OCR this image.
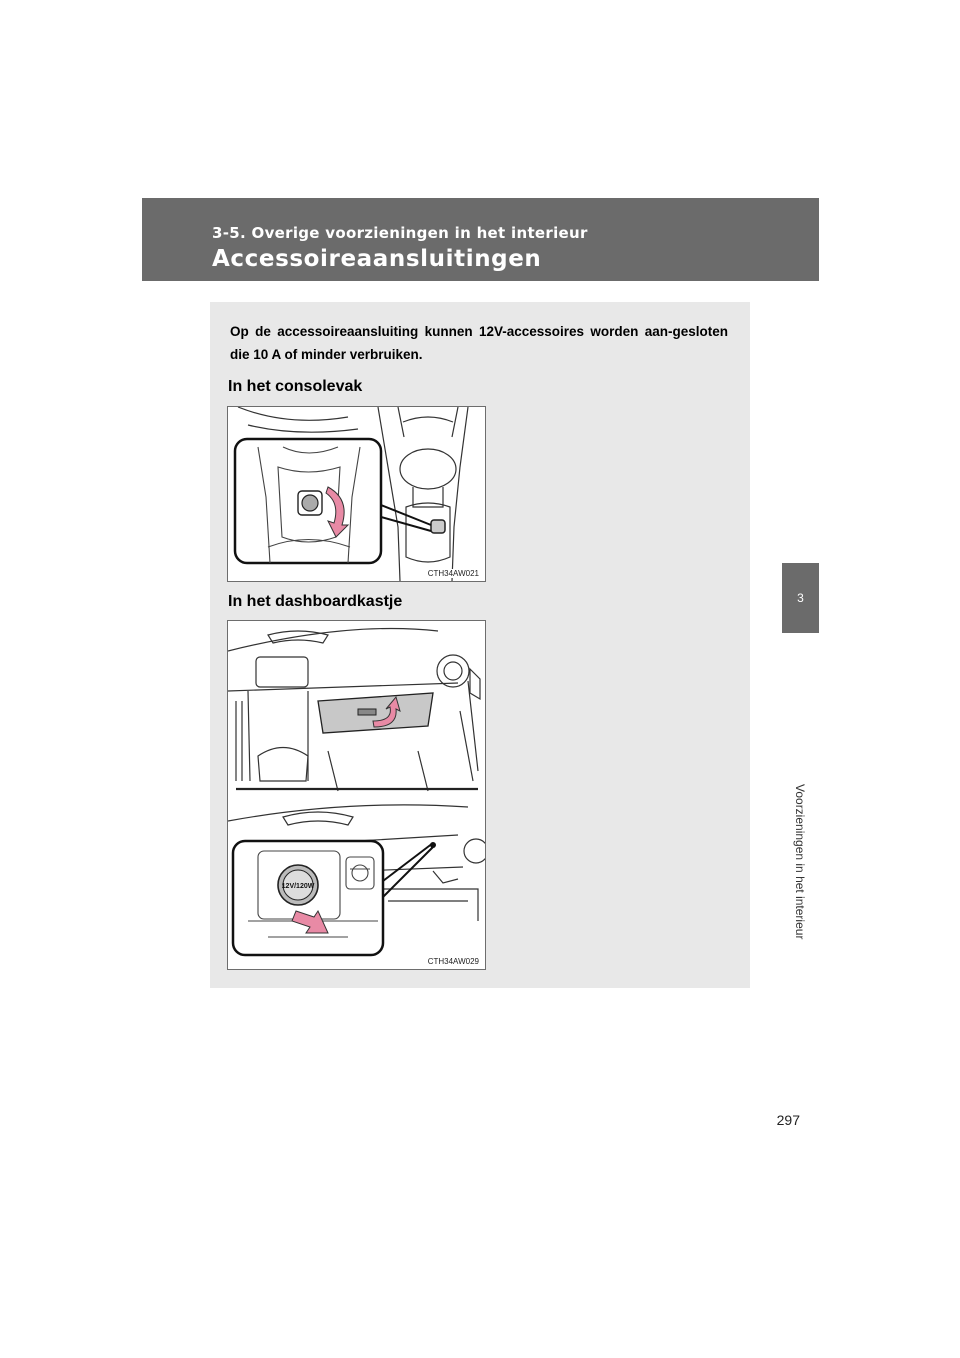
3-5. Overige voorzieningen in het interieur
Accessoireaansluitingen
3
Voorzieningen in het interieur
Op de accessoireaansluiting kunnen 12V-accessoires worden aan-gesloten die 10 A of minder verbruiken.
In het consolevak
CTH34AW021
In het dashboardkastje
12V/120W
CTH34AW029
297
